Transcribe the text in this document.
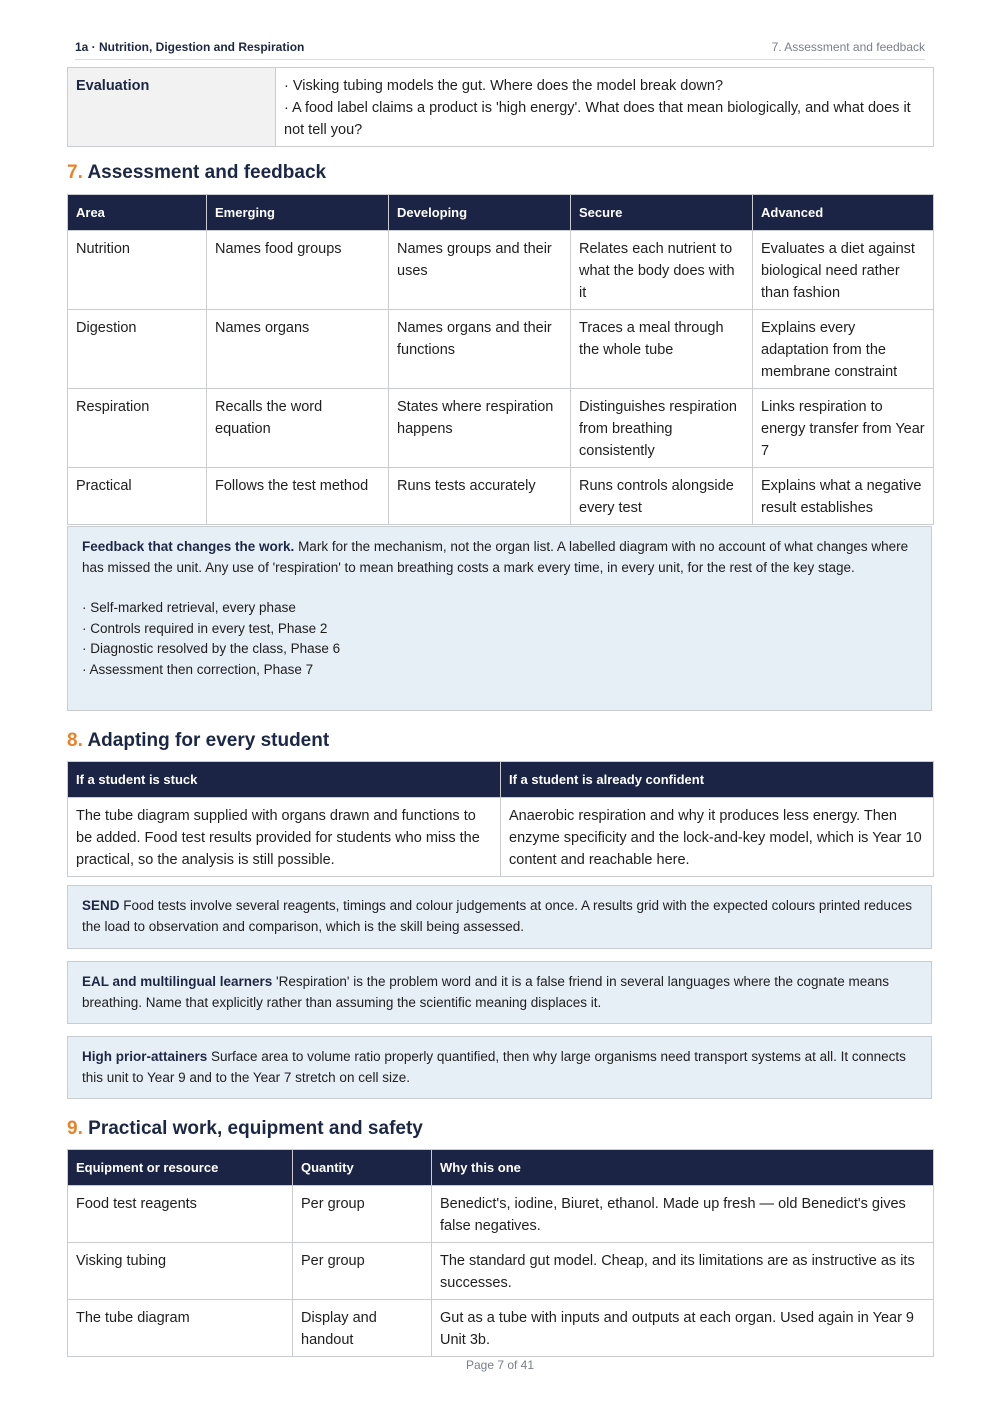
1a · Nutrition, Digestion and Respiration	7. Assessment and feedback
Evaluation	· Visking tubing models the gut. Where does the model break down?
· A food label claims a product is 'high energy'. What does that mean biologically, and what does it not tell you?
7. Assessment and feedback
Area	Emerging	Developing	Secure	Advanced
Nutrition	Names food groups	Names groups and their uses	Relates each nutrient to what the body does with it	Evaluates a diet against biological need rather than fashion
Digestion	Names organs	Names organs and their functions	Traces a meal through the whole tube	Explains every adaptation from the membrane constraint
Respiration	Recalls the word equation	States where respiration happens	Distinguishes respiration from breathing consistently	Links respiration to energy transfer from Year 7
Practical	Follows the test method	Runs tests accurately	Runs controls alongside every test	Explains what a negative result establishes
Feedback that changes the work. Mark for the mechanism, not the organ list. A labelled diagram with no account of what changes where has missed the unit. Any use of 'respiration' to mean breathing costs a mark every time, in every unit, for the rest of the key stage.
· Self-marked retrieval, every phase
· Controls required in every test, Phase 2
· Diagnostic resolved by the class, Phase 6
· Assessment then correction, Phase 7
8. Adapting for every student
If a student is stuck	If a student is already confident
The tube diagram supplied with organs drawn and functions to be added. Food test results provided for students who miss the practical, so the analysis is still possible.	Anaerobic respiration and why it produces less energy. Then enzyme specificity and the lock-and-key model, which is Year 10 content and reachable here.
SEND Food tests involve several reagents, timings and colour judgements at once. A results grid with the expected colours printed reduces the load to observation and comparison, which is the skill being assessed.
EAL and multilingual learners 'Respiration' is the problem word and it is a false friend in several languages where the cognate means breathing. Name that explicitly rather than assuming the scientific meaning displaces it.
High prior-attainers Surface area to volume ratio properly quantified, then why large organisms need transport systems at all. It connects this unit to Year 9 and to the Year 7 stretch on cell size.
9. Practical work, equipment and safety
Equipment or resource	Quantity	Why this one
Food test reagents	Per group	Benedict's, iodine, Biuret, ethanol. Made up fresh — old Benedict's gives false negatives.
Visking tubing	Per group	The standard gut model. Cheap, and its limitations are as instructive as its successes.
The tube diagram	Display and handout	Gut as a tube with inputs and outputs at each organ. Used again in Year 9 Unit 3b.
Page 7 of 41
